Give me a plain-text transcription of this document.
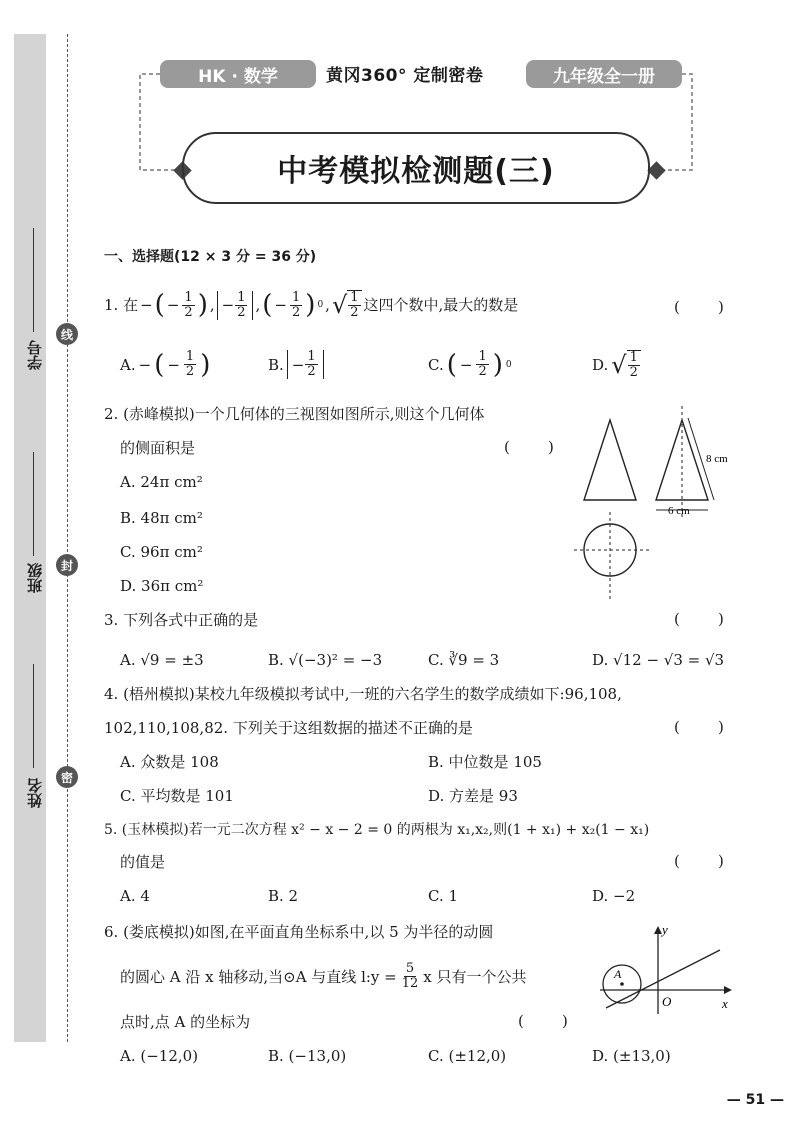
线
封
密
学号
班级
姓名
HK · 数学	黄冈360° 定制密卷	九年级全一册
中考模拟检测题(三)
一、选择题(12 × 3 分 = 36 分)
1. 在 − ( − $\frac{1}{2}$ ) , − $\frac{1}{2}$ , ( − $\frac{1}{2}$ ) 0 , √ $\frac{1}{2}$ 这四个数中,最大的数是	(        )
A. − ( − $\frac{1}{2}$ )	B. − $\frac{1}{2}$	C. ( − $\frac{1}{2}$ ) 0	D. √ $\frac{1}{2}$
2. (赤峰模拟)一个几何体的三视图如图所示,则这个几何体
的侧面积是	(        )
A. 24π cm²
B. 48π cm²
C. 96π cm²
D. 36π cm²
8 cm
6 cm
3. 下列各式中正确的是	(        )
A. √9 = ±3	B. √(−3)² = −3	C. ∛9 = 3	D. √12 − √3 = √3
4. (梧州模拟)某校九年级模拟考试中,一班的六名学生的数学成绩如下:96,108,
102,110,108,82. 下列关于这组数据的描述不正确的是	(        )
A. 众数是 108	B. 中位数是 105
C. 平均数是 101	D. 方差是 93
5. (玉林模拟)若一元二次方程 x² − x − 2 = 0 的两根为 x₁,x₂,则(1 + x₁) + x₂(1 − x₁)
的值是	(        )
A. 4	B. 2	C. 1	D. −2
6. (娄底模拟)如图,在平面直角坐标系中,以 5 为半径的动圆
的圆心 A 沿 x 轴移动,当⊙A 与直线 l:y = $\frac{5}{12}$ x 只有一个公共
点时,点 A 的坐标为	(        )
A. (−12,0)	B. (−13,0)	C. (±12,0)	D. (±13,0)
A
y
x
O
— 51 —
